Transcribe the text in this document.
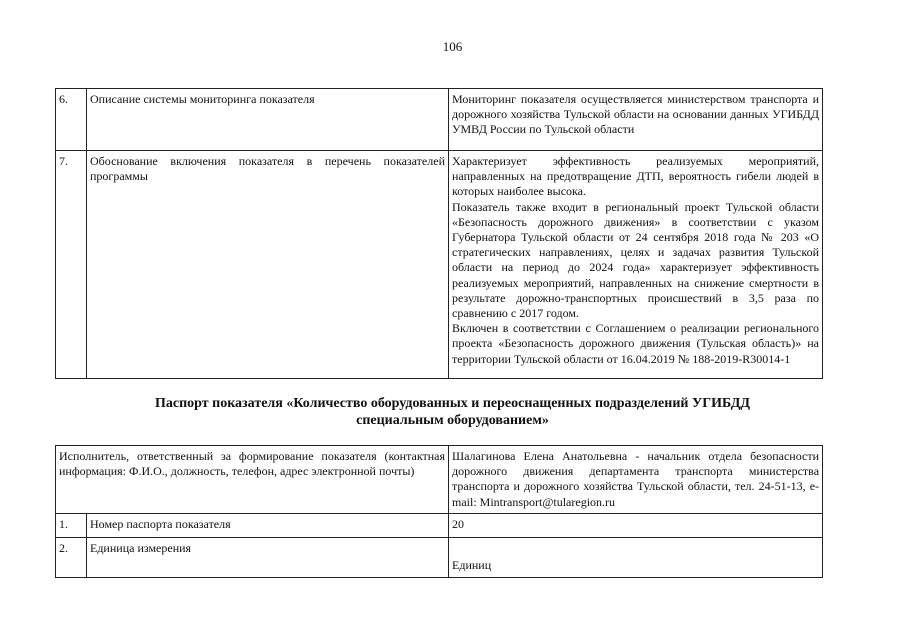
106
6.	Описание системы мониторинга показателя	Мониторинг показателя осуществляется министерством транспорта и дорожного хозяйства Тульской области на основании данных УГИБДД УМВД России по Тульской области

7.	Обоснование включения показателя в перечень показателей программы	Характеризует эффективность реализуемых мероприятий, направленных на предотвращение ДТП, вероятность гибели людей в которых наиболее высока.
Показатель также входит в региональный проект Тульской области «Безопасность дорожного движения» в соответствии с указом Губернатора Тульской области от 24 сентября 2018 года № 203 «О стратегических направлениях, целях и задачах развития Тульской области на период до 2024 года» характеризует эффективность реализуемых мероприятий, направленных на снижение смертности в результате дорожно-транспортных происшествий в 3,5 раза по сравнению с 2017 годом.
Включен в соответствии с Соглашением о реализации регионального проекта «Безопасность дорожного движения (Тульская область)» на территории Тульской области от 16.04.2019 № 188-2019-R30014-1
Паспорт показателя «Количество оборудованных и переоснащенных подразделений УГИБДД
специальным оборудованием»
Исполнитель, ответственный за формирование показателя (контактная информация: Ф.И.О., должность, телефон, адрес электронной почты)		Шалагинова Елена Анатольевна - начальник отдела безопасности дорожного движения департамента транспорта министерства транспорта и дорожного хозяйства Тульской области, тел. 24-51-13, e-mail: Mintransport@tularegion.ru
1.	Номер паспорта показателя	20
2.	Единица измерения	Единиц
